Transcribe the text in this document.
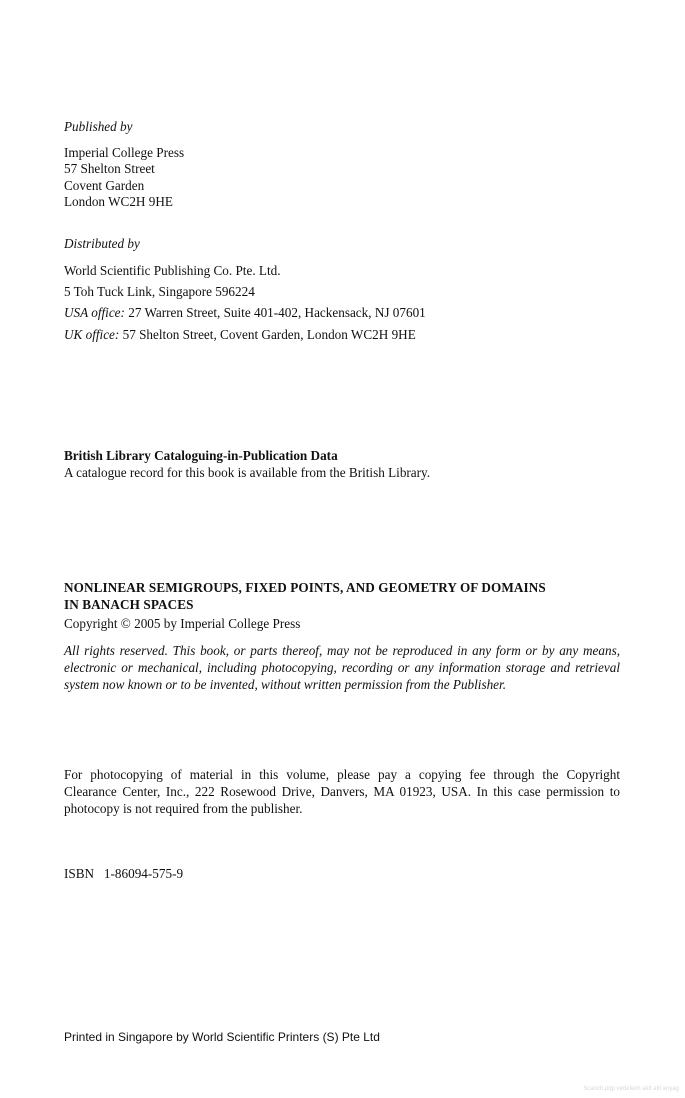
Published by

Imperial College Press

57 Shelton Street

Covent Garden

London WC2H 9HE

Distributed by

World Scientific Publishing Co. Pte. Ltd.

5 Toh Tuck Link, Singapore 596224

USA office: 27 Warren Street, Suite 401-402, Hackensack, NJ 07601

UK office: 57 Shelton Street, Covent Garden, London WC2H 9HE

British Library Cataloguing-in-Publication Data

A catalogue record for this book is available from the British Library.

NONLINEAR SEMIGROUPS, FIXED POINTS, AND GEOMETRY OF DOMAINS

IN BANACH SPACES

Copyright © 2005 by Imperial College Press

All rights reserved. This book, or parts thereof, may not be reproduced in any form or by any means,
electronic or mechanical, including photocopying, recording or any information storage and retrieval
system now known or to be invented, without written permission from the Publisher.
For photocopying of material in this volume, please pay a copying fee through the Copyright
Clearance Center, Inc., 222 Rosewood Drive, Danvers, MA 01923, USA. In this case permission to
photocopy is not required from the publisher.

ISBN   1-86094-575-9

Printed in Singapore by World Scientific Printers (S) Pte Ltd

Scanch.pqp vedeleim akit alti anyag
